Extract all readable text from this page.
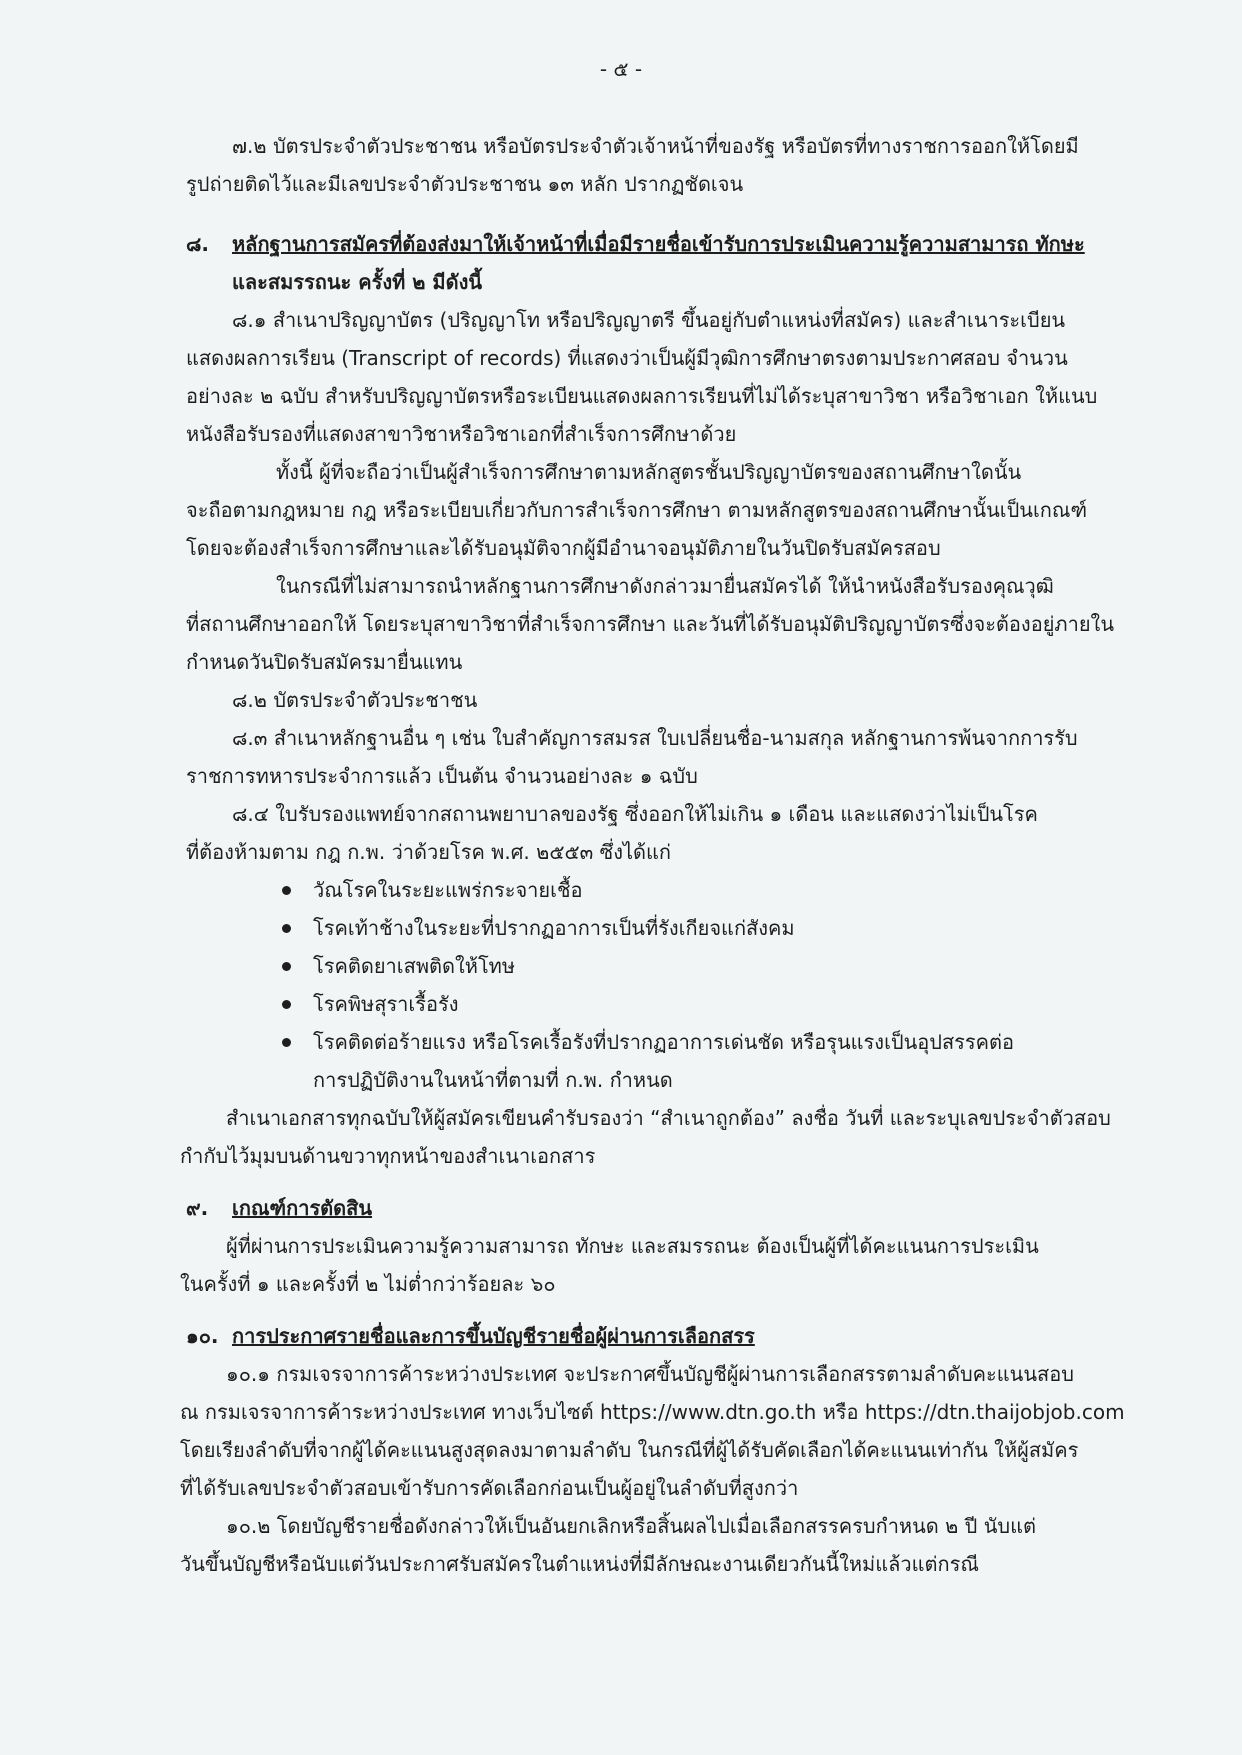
- ๕ -
๗.๒ บัตรประจำตัวประชาชน หรือบัตรประจำตัวเจ้าหน้าที่ของรัฐ หรือบัตรที่ทางราชการออกให้โดยมี
รูปถ่ายติดไว้และมีเลขประจำตัวประชาชน ๑๓ หลัก ปรากฏชัดเจน
๘. หลักฐานการสมัครที่ต้องส่งมาให้เจ้าหน้าที่เมื่อมีรายชื่อเข้ารับการประเมินความรู้ความสามารถ ทักษะ
และสมรรถนะ ครั้งที่ ๒ มีดังนี้
๘.๑ สำเนาปริญญาบัตร (ปริญญาโท หรือปริญญาตรี ขึ้นอยู่กับตำแหน่งที่สมัคร) และสำเนาระเบียน
แสดงผลการเรียน (Transcript of records) ที่แสดงว่าเป็นผู้มีวุฒิการศึกษาตรงตามประกาศสอบ จำนวน
อย่างละ ๒ ฉบับ สำหรับปริญญาบัตรหรือระเบียนแสดงผลการเรียนที่ไม่ได้ระบุสาขาวิชา หรือวิชาเอก ให้แนบ
หนังสือรับรองที่แสดงสาขาวิชาหรือวิชาเอกที่สำเร็จการศึกษาด้วย
ทั้งนี้ ผู้ที่จะถือว่าเป็นผู้สำเร็จการศึกษาตามหลักสูตรชั้นปริญญาบัตรของสถานศึกษาใดนั้น
จะถือตามกฎหมาย กฎ หรือระเบียบเกี่ยวกับการสำเร็จการศึกษา ตามหลักสูตรของสถานศึกษานั้นเป็นเกณฑ์
โดยจะต้องสำเร็จการศึกษาและได้รับอนุมัติจากผู้มีอำนาจอนุมัติภายในวันปิดรับสมัครสอบ
ในกรณีที่ไม่สามารถนำหลักฐานการศึกษาดังกล่าวมายื่นสมัครได้ ให้นำหนังสือรับรองคุณวุฒิ
ที่สถานศึกษาออกให้ โดยระบุสาขาวิชาที่สำเร็จการศึกษา และวันที่ได้รับอนุมัติปริญญาบัตรซึ่งจะต้องอยู่ภายใน
กำหนดวันปิดรับสมัครมายื่นแทน
๘.๒ บัตรประจำตัวประชาชน
๘.๓ สำเนาหลักฐานอื่น ๆ เช่น ใบสำคัญการสมรส ใบเปลี่ยนชื่อ-นามสกุล หลักฐานการพ้นจากการรับ
ราชการทหารประจำการแล้ว เป็นต้น จำนวนอย่างละ ๑ ฉบับ
๘.๔ ใบรับรองแพทย์จากสถานพยาบาลของรัฐ ซึ่งออกให้ไม่เกิน ๑ เดือน และแสดงว่าไม่เป็นโรค
ที่ต้องห้ามตาม กฎ ก.พ. ว่าด้วยโรค พ.ศ. ๒๕๕๓ ซึ่งได้แก่
วัณโรคในระยะแพร่กระจายเชื้อ
โรคเท้าช้างในระยะที่ปรากฏอาการเป็นที่รังเกียจแก่สังคม
โรคติดยาเสพติดให้โทษ
โรคพิษสุราเรื้อรัง
โรคติดต่อร้ายแรง หรือโรคเรื้อรังที่ปรากฏอาการเด่นชัด หรือรุนแรงเป็นอุปสรรคต่อ
การปฏิบัติงานในหน้าที่ตามที่ ก.พ. กำหนด
สำเนาเอกสารทุกฉบับให้ผู้สมัครเขียนคำรับรองว่า “สำเนาถูกต้อง” ลงชื่อ วันที่ และระบุเลขประจำตัวสอบ
กำกับไว้มุมบนด้านขวาทุกหน้าของสำเนาเอกสาร
๙. เกณฑ์การตัดสิน
ผู้ที่ผ่านการประเมินความรู้ความสามารถ ทักษะ และสมรรถนะ ต้องเป็นผู้ที่ได้คะแนนการประเมิน
ในครั้งที่ ๑ และครั้งที่ ๒ ไม่ต่ำกว่าร้อยละ ๖๐
๑๐. การประกาศรายชื่อและการขึ้นบัญชีรายชื่อผู้ผ่านการเลือกสรร
๑๐.๑ กรมเจรจาการค้าระหว่างประเทศ จะประกาศขึ้นบัญชีผู้ผ่านการเลือกสรรตามลำดับคะแนนสอบ
ณ กรมเจรจาการค้าระหว่างประเทศ ทางเว็บไซต์ https://www.dtn.go.th หรือ https://dtn.thaijobjob.com
โดยเรียงลำดับที่จากผู้ได้คะแนนสูงสุดลงมาตามลำดับ ในกรณีที่ผู้ได้รับคัดเลือกได้คะแนนเท่ากัน ให้ผู้สมัคร
ที่ได้รับเลขประจำตัวสอบเข้ารับการคัดเลือกก่อนเป็นผู้อยู่ในลำดับที่สูงกว่า
๑๐.๒ โดยบัญชีรายชื่อดังกล่าวให้เป็นอันยกเลิกหรือสิ้นผลไปเมื่อเลือกสรรครบกำหนด ๒ ปี นับแต่
วันขึ้นบัญชีหรือนับแต่วันประกาศรับสมัครในตำแหน่งที่มีลักษณะงานเดียวกันนี้ใหม่แล้วแต่กรณี
